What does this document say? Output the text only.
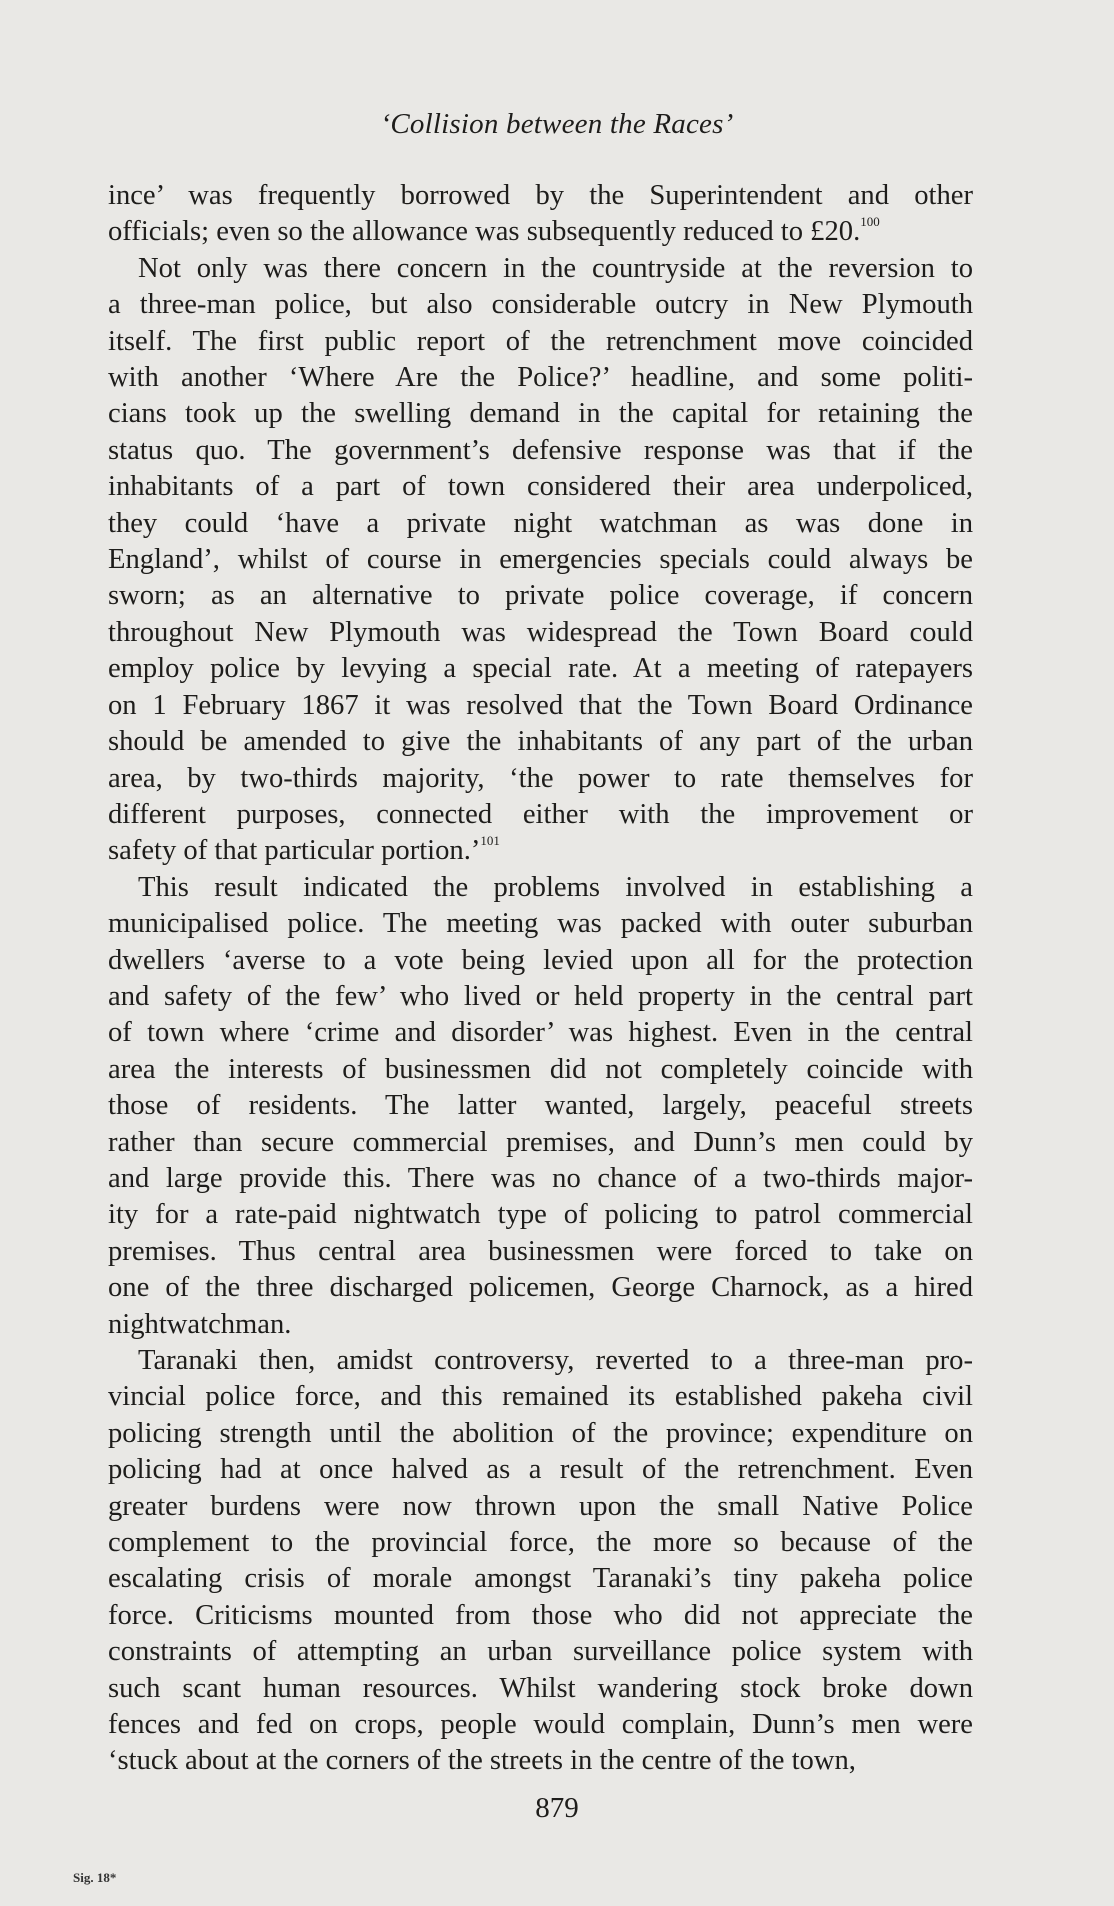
‘Collision between the Races’

ince’ was frequently borrowed by the Superintendent and other
officials; even so the allowance was subsequently reduced to £20.$^{100}$

Not only was there concern in the countryside at the reversion to
a three-man police, but also considerable outcry in New Plymouth
itself. The first public report of the retrenchment move coincided
with another ‘Where Are the Police?’ headline, and some politi-
cians took up the swelling demand in the capital for retaining the
status quo. The government’s defensive response was that if the
inhabitants of a part of town considered their area underpoliced,
they could ‘have a private night watchman as was done in
England’, whilst of course in emergencies specials could always be
sworn; as an alternative to private police coverage, if concern
throughout New Plymouth was widespread the Town Board could
employ police by levying a special rate. At a meeting of ratepayers
on 1 February 1867 it was resolved that the Town Board Ordinance
should be amended to give the inhabitants of any part of the urban
area, by two-thirds majority, ‘the power to rate themselves for
different purposes, connected either with the improvement or
safety of that particular portion.’$^{101}$

This result indicated the problems involved in establishing a
municipalised police. The meeting was packed with outer suburban
dwellers ‘averse to a vote being levied upon all for the protection
and safety of the few’ who lived or held property in the central part
of town where ‘crime and disorder’ was highest. Even in the central
area the interests of businessmen did not completely coincide with
those of residents. The latter wanted, largely, peaceful streets
rather than secure commercial premises, and Dunn’s men could by
and large provide this. There was no chance of a two-thirds major-
ity for a rate-paid nightwatch type of policing to patrol commercial
premises. Thus central area businessmen were forced to take on
one of the three discharged policemen, George Charnock, as a hired
nightwatchman.

Taranaki then, amidst controversy, reverted to a three-man pro-
vincial police force, and this remained its established pakeha civil
policing strength until the abolition of the province; expenditure on
policing had at once halved as a result of the retrenchment. Even
greater burdens were now thrown upon the small Native Police
complement to the provincial force, the more so because of the
escalating crisis of morale amongst Taranaki’s tiny pakeha police
force. Criticisms mounted from those who did not appreciate the
constraints of attempting an urban surveillance police system with
such scant human resources. Whilst wandering stock broke down
fences and fed on crops, people would complain, Dunn’s men were
‘stuck about at the corners of the streets in the centre of the town,

879
Sig. 18*
